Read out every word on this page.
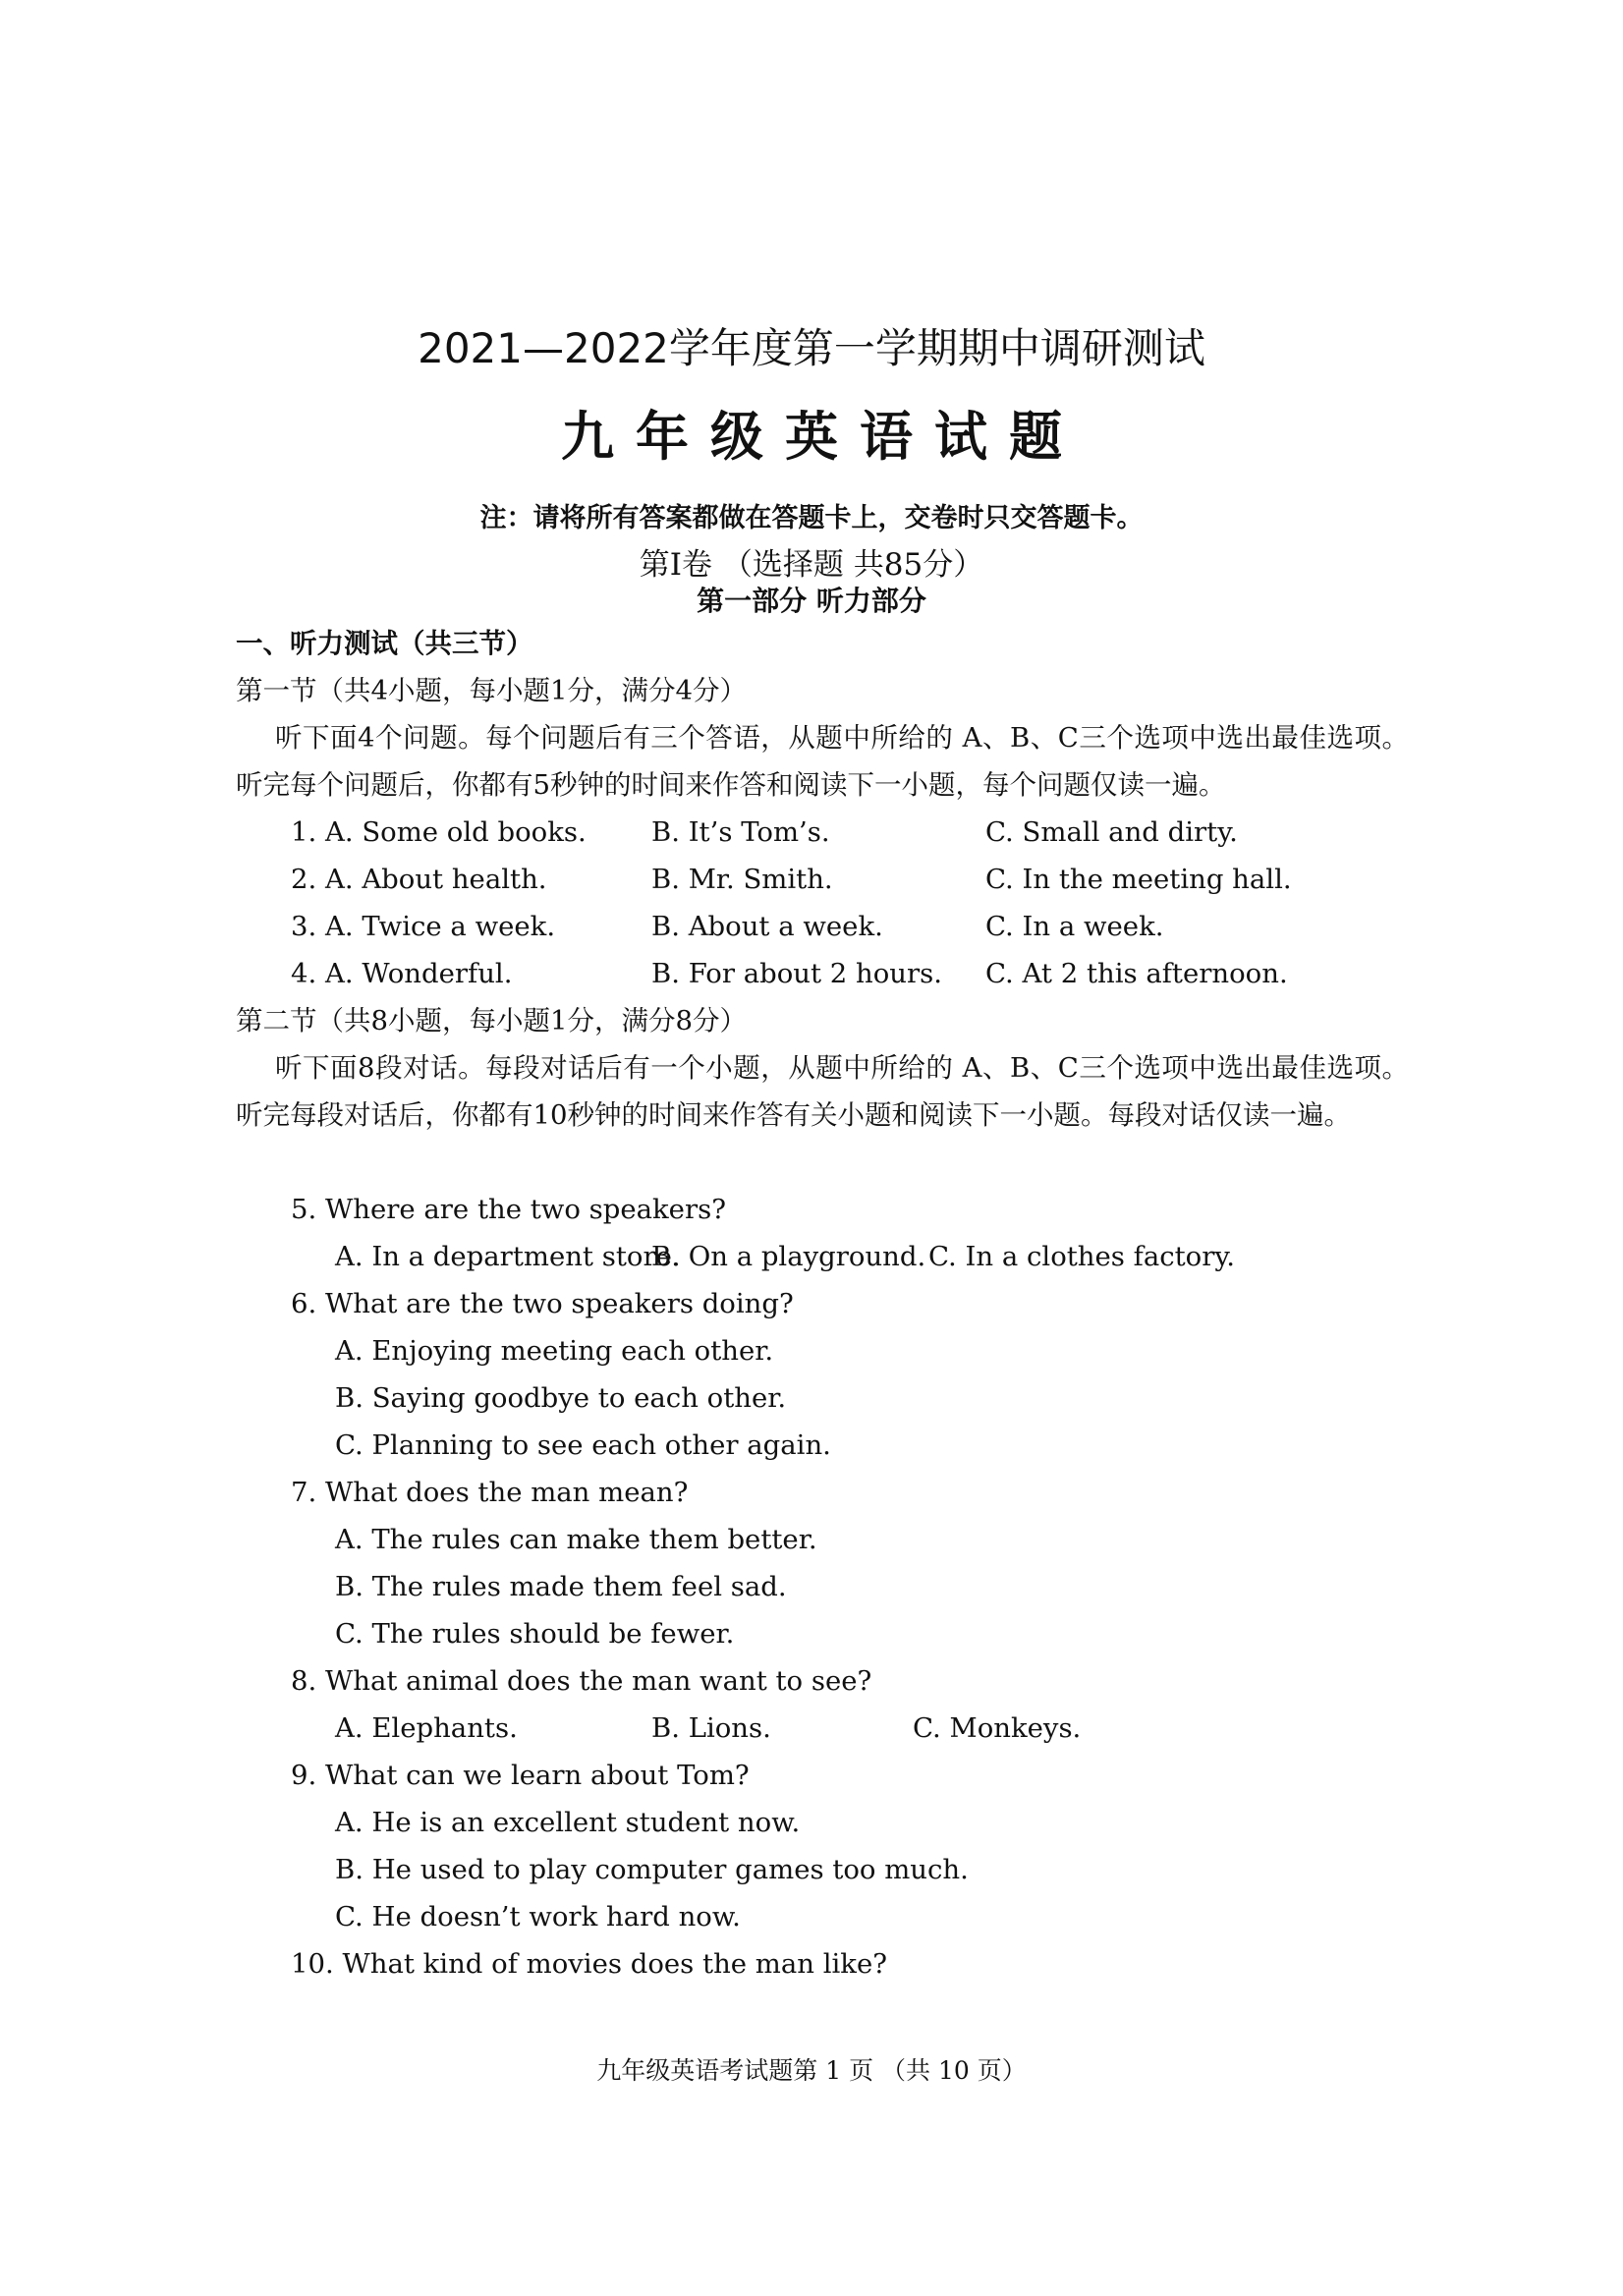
2021—2022学年度第一学期期中调研测试
九年级英语试题
注：请将所有答案都做在答题卡上，交卷时只交答题卡。
第Ⅰ卷 （选择题 共85分）
第一部分 听力部分
一、听力测试（共三节）
第一节（共4小题，每小题1分，满分4分）
听下面4个问题。每个问题后有三个答语，从题中所给的 A、B、C三个选项中选出最佳选项。听完每个问题后，你都有5秒钟的时间来作答和阅读下一小题，每个问题仅读一遍。
1. A. Some old books. B. It’s Tom’s.	C. Small and dirty.
2. A. About health.	B. Mr. Smith.	C. In the meeting hall.
3. A. Twice a week.	B. About a week.	C. In a week.
4. A. Wonderful.	B. For about 2 hours. C. At 2 this afternoon.
第二节（共8小题，每小题1分，满分8分）
听下面8段对话。每段对话后有一个小题，从题中所给的 A、B、C三个选项中选出最佳选项。听完每段对话后，你都有10秒钟的时间来作答有关小题和阅读下一小题。每段对话仅读一遍。
5. Where are the two speakers?
A. In a department store.
B. On a playground. C. In a clothes factory.
6. What are the two speakers doing?
A. Enjoying meeting each other.
B. Saying goodbye to each other.
C. Planning to see each other again.
7. What does the man mean?
A. The rules can make them better.
B. The rules made them feel sad.
C. The rules should be fewer.
8. What animal does the man want to see?
A. Elephants.	B. Lions.	C. Monkeys.
9. What can we learn about Tom?
A. He is an excellent student now.
B. He used to play computer games too much.
C. He doesn’t work hard now.
10. What kind of movies does the man like?
九年级英语考试题第 1 页 （共 10 页）
